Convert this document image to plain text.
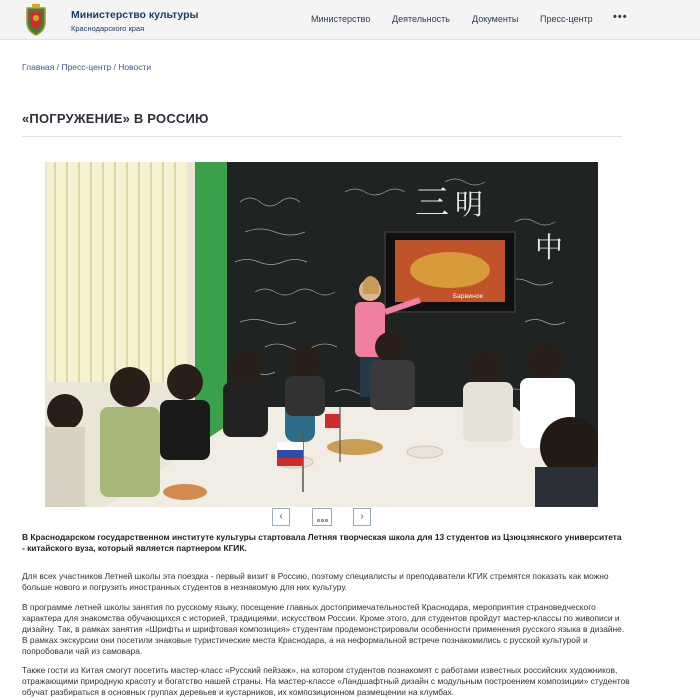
Министерство культуры
Краснодарского края
Министерство Деятельность Документы Пресс-центр •••
Главная / Пресс-центр / Новости
«ПОГРУЖЕНИЕ» В РОССИЮ
三 明
中
Барвинок
‹	›

В Краснодарском государственном институте культуры стартовала Летняя творческая школа для 13 студентов из Цзюцзянского университета - китайского вуза, который является партнером КГИК.

Для всех участников Летней школы эта поездка - первый визит в Россию, поэтому специалисты и преподаватели КГИК стремятся показать как можно больше нового и погрузить иностранных студентов в незнакомую для них культуру.

В программе летней школы занятия по русскому языку, посещение главных достопримечательностей Краснодара, мероприятия страноведческого характера для знакомства обучающихся с историей, традициями, искусством России. Кроме этого, для студентов пройдут мастер-классы по живописи и дизайну. Так, в рамках занятия «Шрифты и шрифтовая композиция» студентам продемонстрировали особенности применения русского языка в дизайне. В рамках экскурсии они посетили знаковые туристические места Краснодара, а на неформальной встрече познакомились с русской культурой и попробовали чай из самовара.

Также гости из Китая смогут посетить мастер-класс «Русский пейзаж», на котором студентов познакомят с работами известных российских художников, отражающими природную красоту и богатство нашей страны. На мастер-классе «Ландшафтный дизайн с модульным построением композиции» студентов обучат разбираться в основных группах деревьев и кустарников, их композиционном размещении на клумбах.
